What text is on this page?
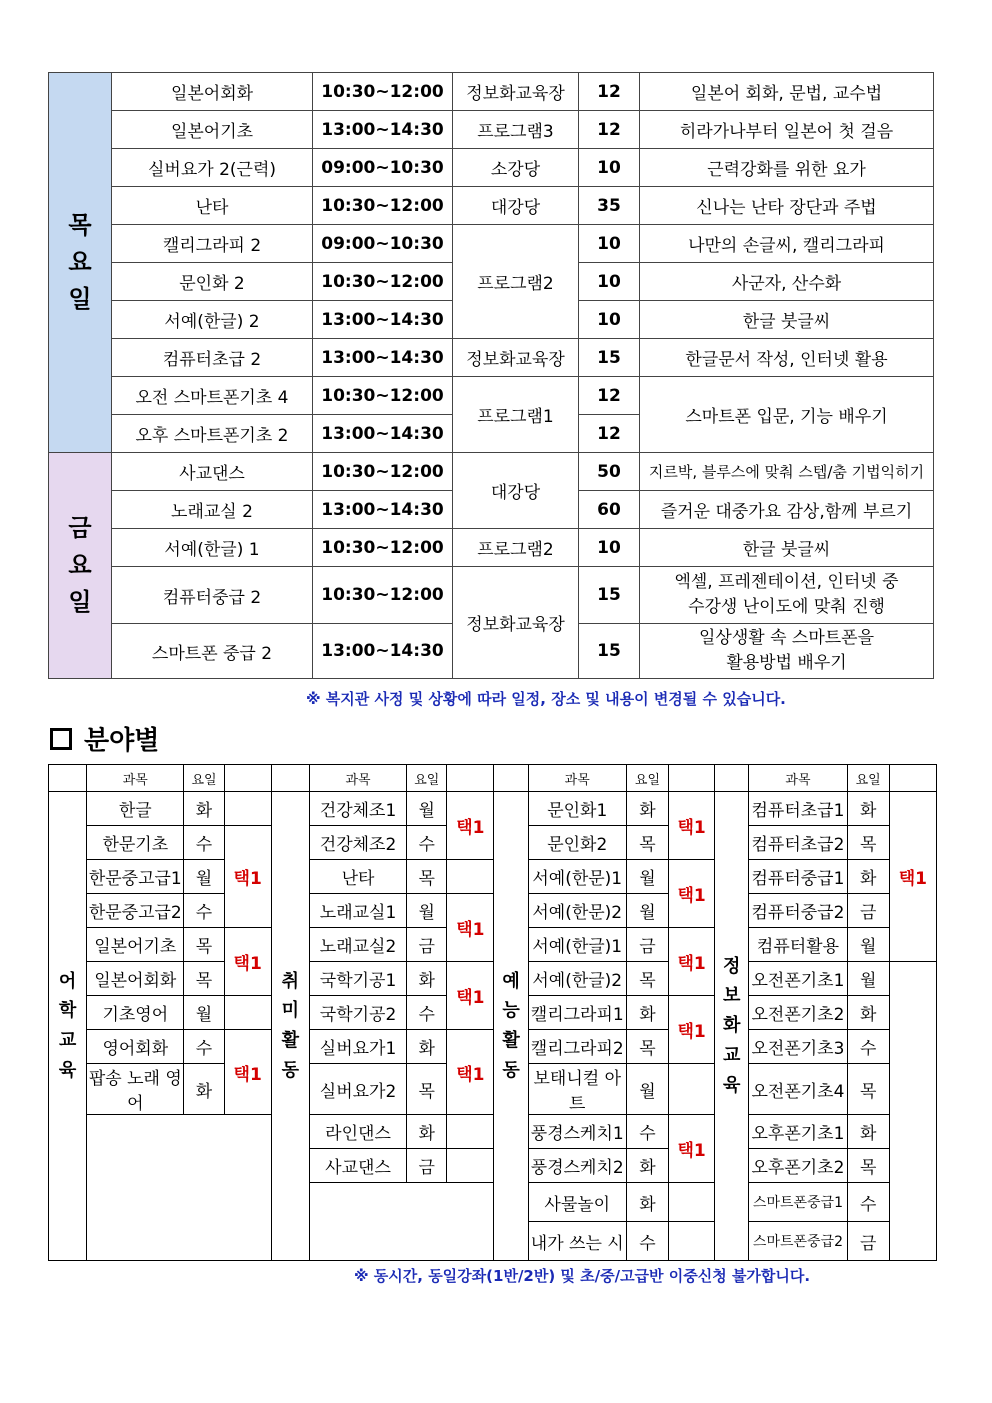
목요일	일본어회화	10:30~12:00	정보화교육장	12	일본어 회화, 문법, 교수법
	일본어기초	13:00~14:30	프로그램3	12	히라가나부터 일본어 첫 걸음
	실버요가 2(근력)	09:00~10:30	소강당	10	근력강화를 위한 요가
	난타	10:30~12:00	대강당	35	신나는 난타 장단과 주법
	캘리그라피 2	09:00~10:30	프로그램2	10	나만의 손글씨, 캘리그라피
	문인화 2	10:30~12:00		10	사군자, 산수화
	서예(한글) 2	13:00~14:30		10	한글 붓글씨
	컴퓨터초급 2	13:00~14:30	정보화교육장	15	한글문서 작성, 인터넷 활용
	오전 스마트폰기초 4	10:30~12:00	프로그램1	12	스마트폰 입문, 기능 배우기
	오후 스마트폰기초 2	13:00~14:30		12	
금요일	사교댄스	10:30~12:00	대강당	50	지르박, 블루스에 맞춰 스텝/춤 기법익히기
	노래교실 2	13:00~14:30		60	즐거운 대중가요 감상,함께 부르기
	서예(한글) 1	10:30~12:00	프로그램2	10	한글 붓글씨
	컴퓨터중급 2	10:30~12:00	정보화교육장	15	엑셀, 프레젠테이션, 인터넷 중
수강생 난이도에 맞춰 진행

	스마트폰 중급 2	13:00~14:30		15	일상생활 속 스마트폰을
활용방법 배우기
※ 복지관 사정 및 상황에 따라 일정, 장소 및 내용이 변경될 수 있습니다.
분야별
	과목	요일			과목	요일			과목	요일			과목	요일	
어학교육	한글	화		취미활동	건강체조1	월	택1	예능활동	문인화1	화	택1	정보화교육	컴퓨터초급1	화	택1
	한문기초	수	택1		건강체조2	수			문인화2	목			컴퓨터초급2	목	
	한문중고급1	월			난타	목			서예(한문)1	월	택1		컴퓨터중급1	화	
	한문중고급2	수			노래교실1	월	택1		서예(한문)2	월			컴퓨터중급2	금	
	일본어기초	목	택1		노래교실2	금			서예(한글)1	금	택1		컴퓨터활용	월	
	일본어회화	목			국학기공1	화	택1		서예(한글)2	목			오전폰기초1	월	
	기초영어	월			국학기공2	수			캘리그라피1	화	택1		오전폰기초2	화	
	영어회화	수	택1		실버요가1	화	택1		캘리그라피2	목			오전폰기초3	수	
	팝송 노래 영어	화			실버요가2	목			보태니컬 아트	월			오전폰기초4	목	
					라인댄스	화			풍경스케치1	수	택1		오후폰기초1	화	
					사교댄스	금			풍경스케치2	화			오후폰기초2	목	
									사물놀이	화			스마트폰중급1	수	
									내가 쓰는 시	수			스마트폰중급2	금	
※ 동시간, 동일강좌(1반/2반) 및 초/중/고급반 이중신청 불가합니다.
